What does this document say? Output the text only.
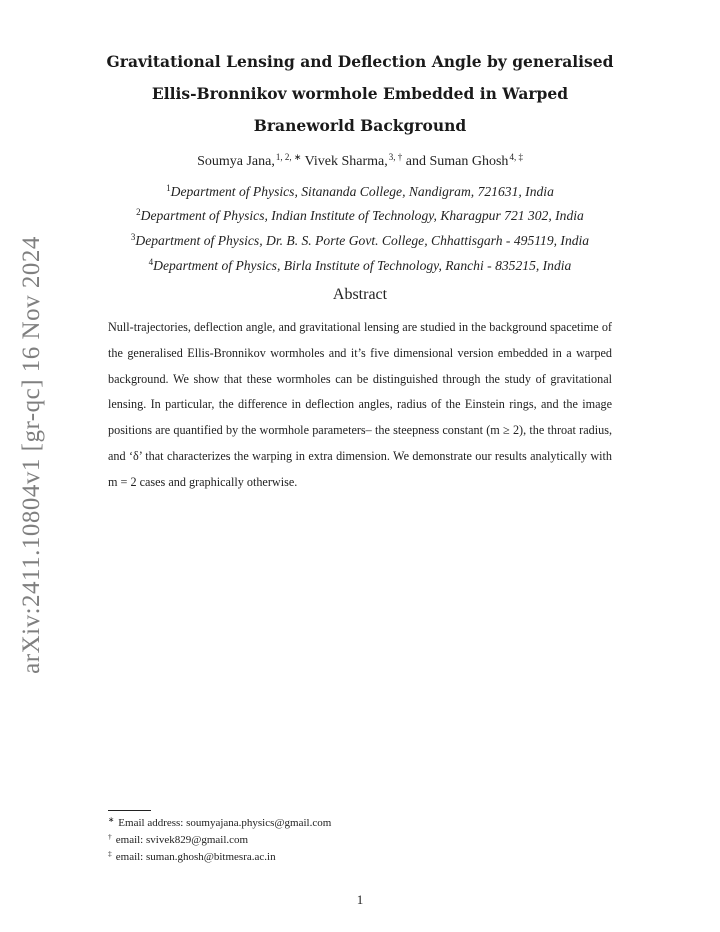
arXiv:2411.10804v1 [gr-qc] 16 Nov 2024
Gravitational Lensing and Deflection Angle by generalised Ellis-Bronnikov wormhole Embedded in Warped Braneworld Background
Soumya Jana,$^{1, 2, ∗}$ Vivek Sharma,$^{3, \dagger}$ and Suman Ghosh$^{4, \ddagger}$
$^1$Department of Physics, Sitananda College, Nandigram, 721631, India
$^2$Department of Physics, Indian Institute of Technology, Kharagpur 721 302, India
$^3$Department of Physics, Dr. B. S. Porte Govt. College, Chhattisgarh - 495119, India
$^4$Department of Physics, Birla Institute of Technology, Ranchi - 835215, India
Abstract
Null-trajectories, deflection angle, and gravitational lensing are studied in the background spacetime of the generalised Ellis-Bronnikov wormholes and it’s five dimensional version embedded in a warped background. We show that these wormholes can be distinguished through the study of gravitational lensing. In particular, the difference in deflection angles, radius of the Einstein rings, and the image positions are quantified by the wormhole parameters– the steepness constant (m ≥ 2), the throat radius, and ‘δ’ that characterizes the warping in extra dimension. We demonstrate our results analytically with m = 2 cases and graphically otherwise.
∗ Email address: soumyajana.physics@gmail.com
† email: svivek829@gmail.com
‡ email: suman.ghosh@bitmesra.ac.in
1
